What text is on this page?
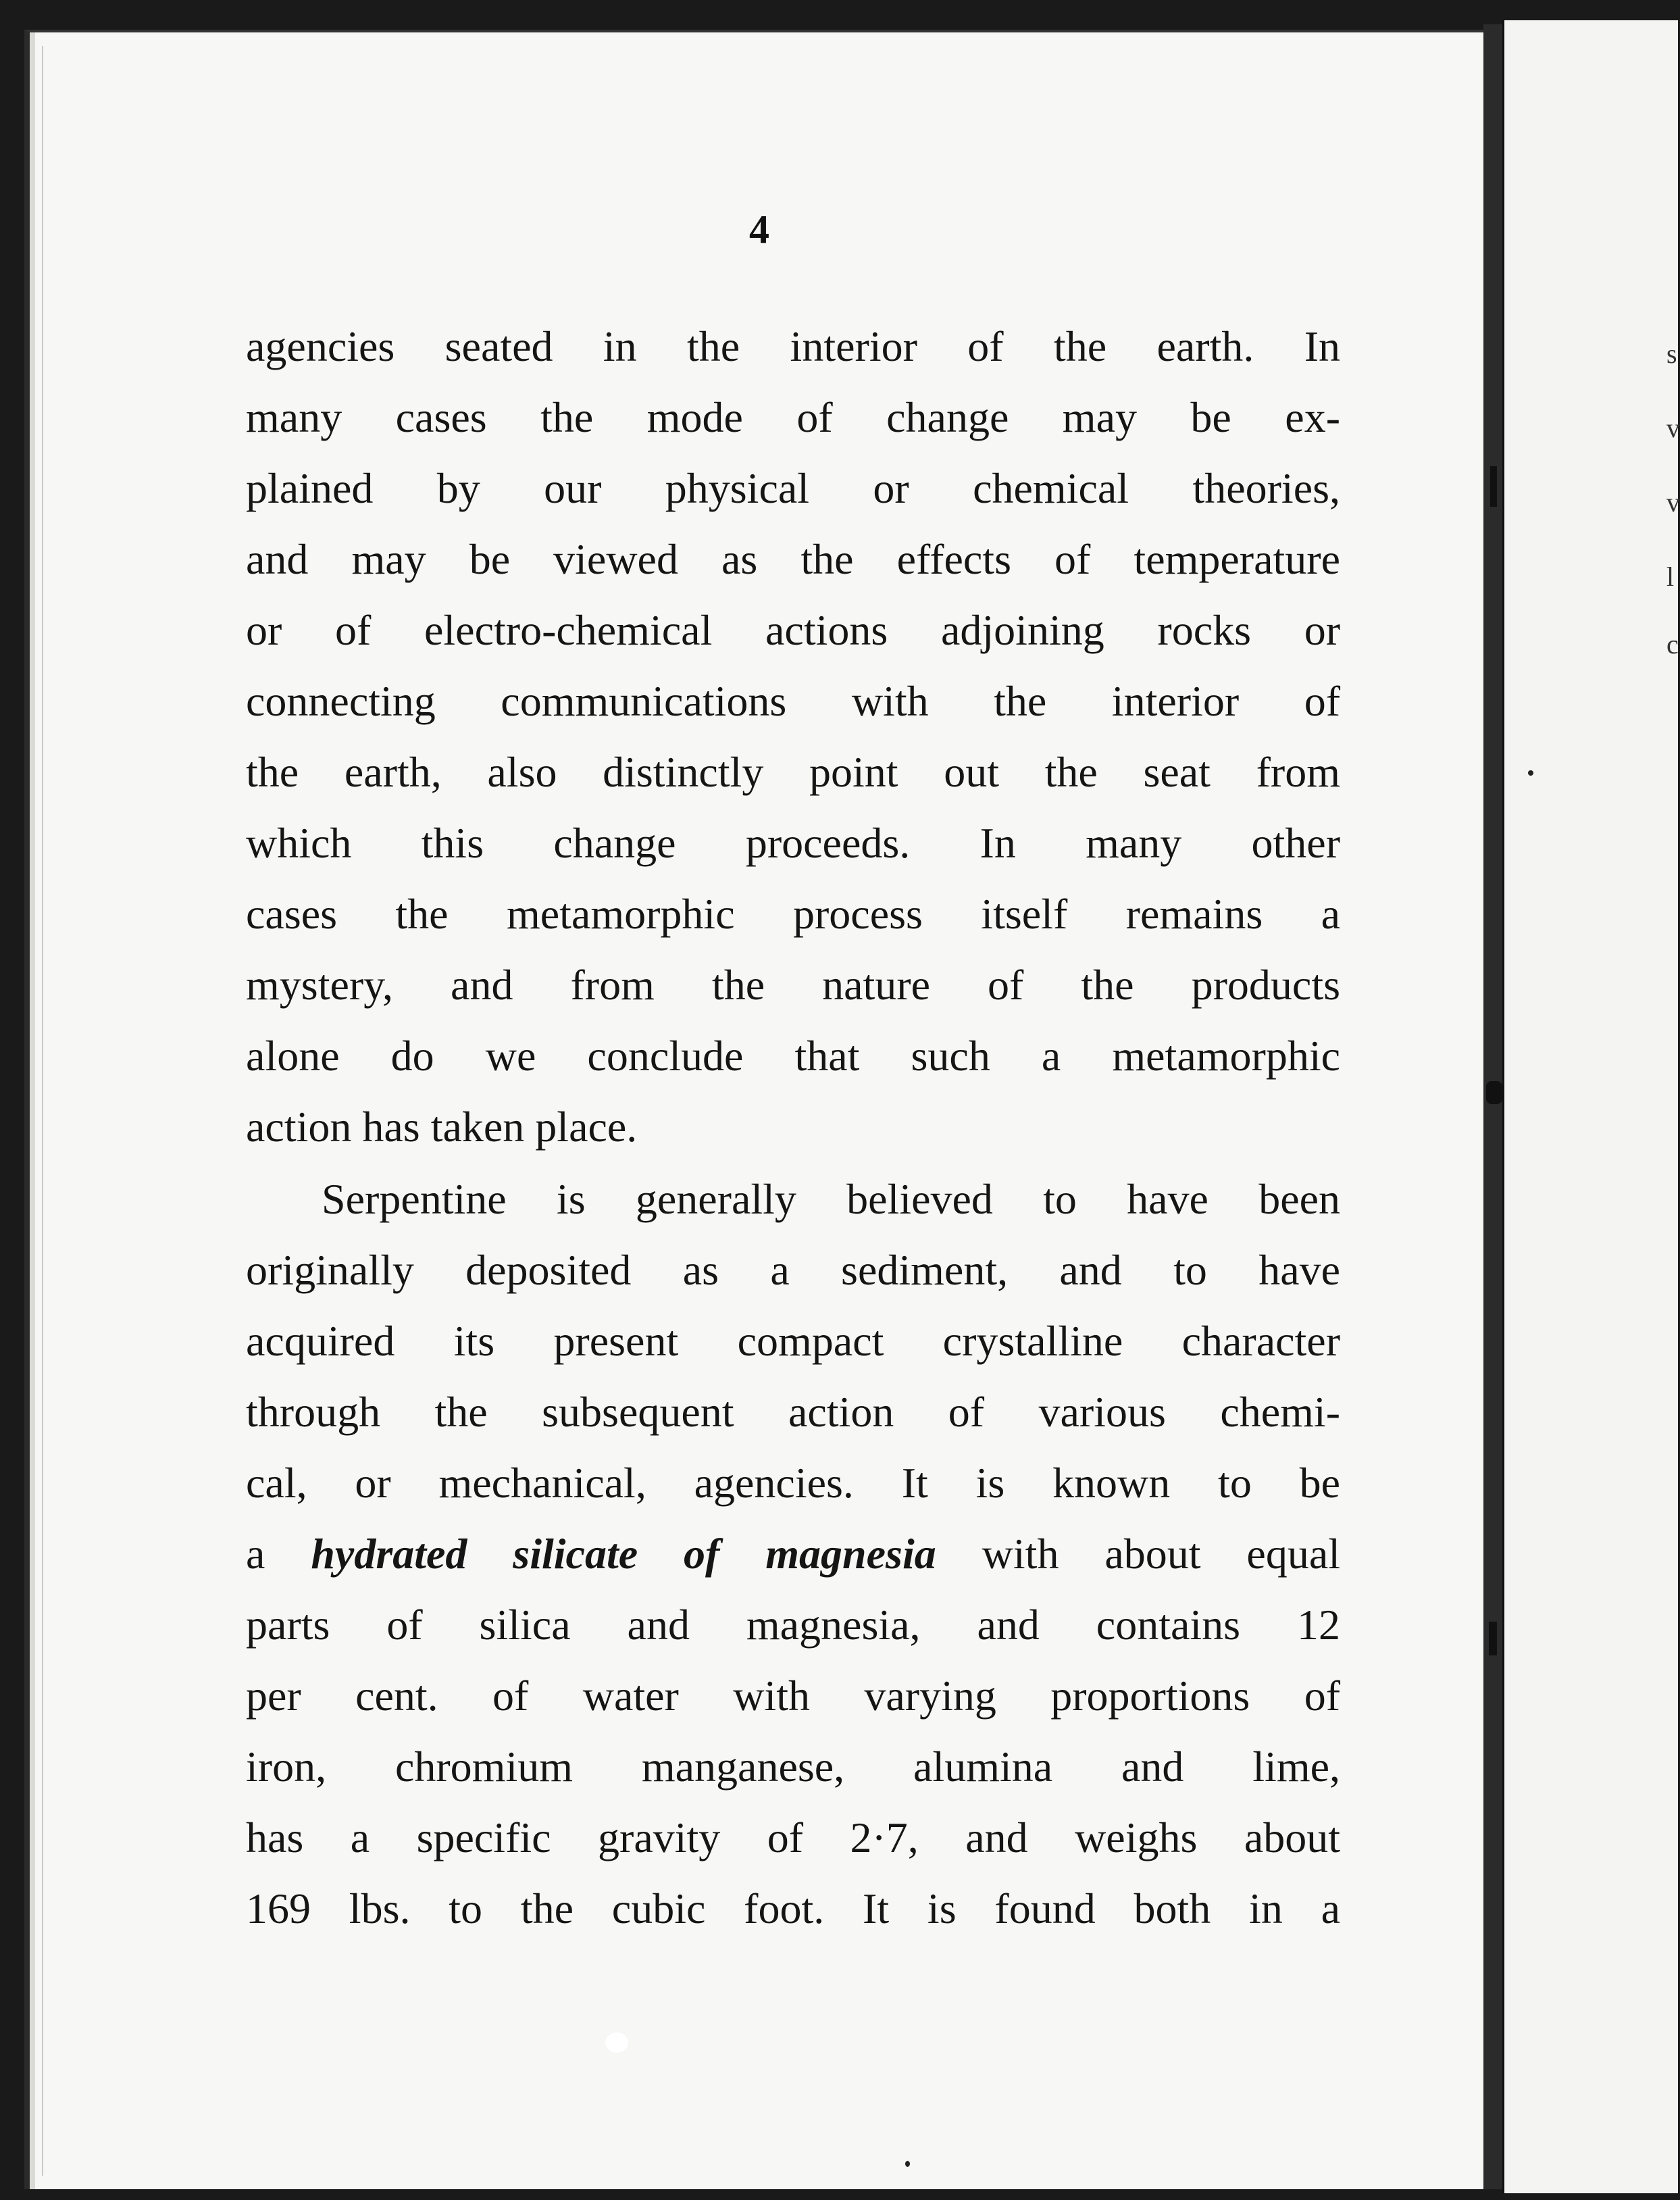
s
v
v
l
c
4
agencies seated in the interior of the earth. In
many cases the mode of change may be ex-
plained by our physical or chemical theories,
and may be viewed as the effects of temperature
or of electro-chemical actions adjoining rocks or
connecting communications with the interior of
the earth, also distinctly point out the seat from
which this change proceeds. In many other
cases the metamorphic process itself remains a
mystery, and from the nature of the products
alone do we conclude that such a metamorphic
action has taken place.
Serpentine is generally believed to have been
originally deposited as a sediment, and to have
acquired its present compact crystalline character
through the subsequent action of various chemi-
cal, or mechanical, agencies. It is known to be
a hydrated silicate of magnesia with about equal
parts of silica and magnesia, and contains 12
per cent. of water with varying proportions of
iron, chromium manganese, alumina and lime,
has a specific gravity of 2·7, and weighs about
169 lbs. to the cubic foot. It is found both in a
